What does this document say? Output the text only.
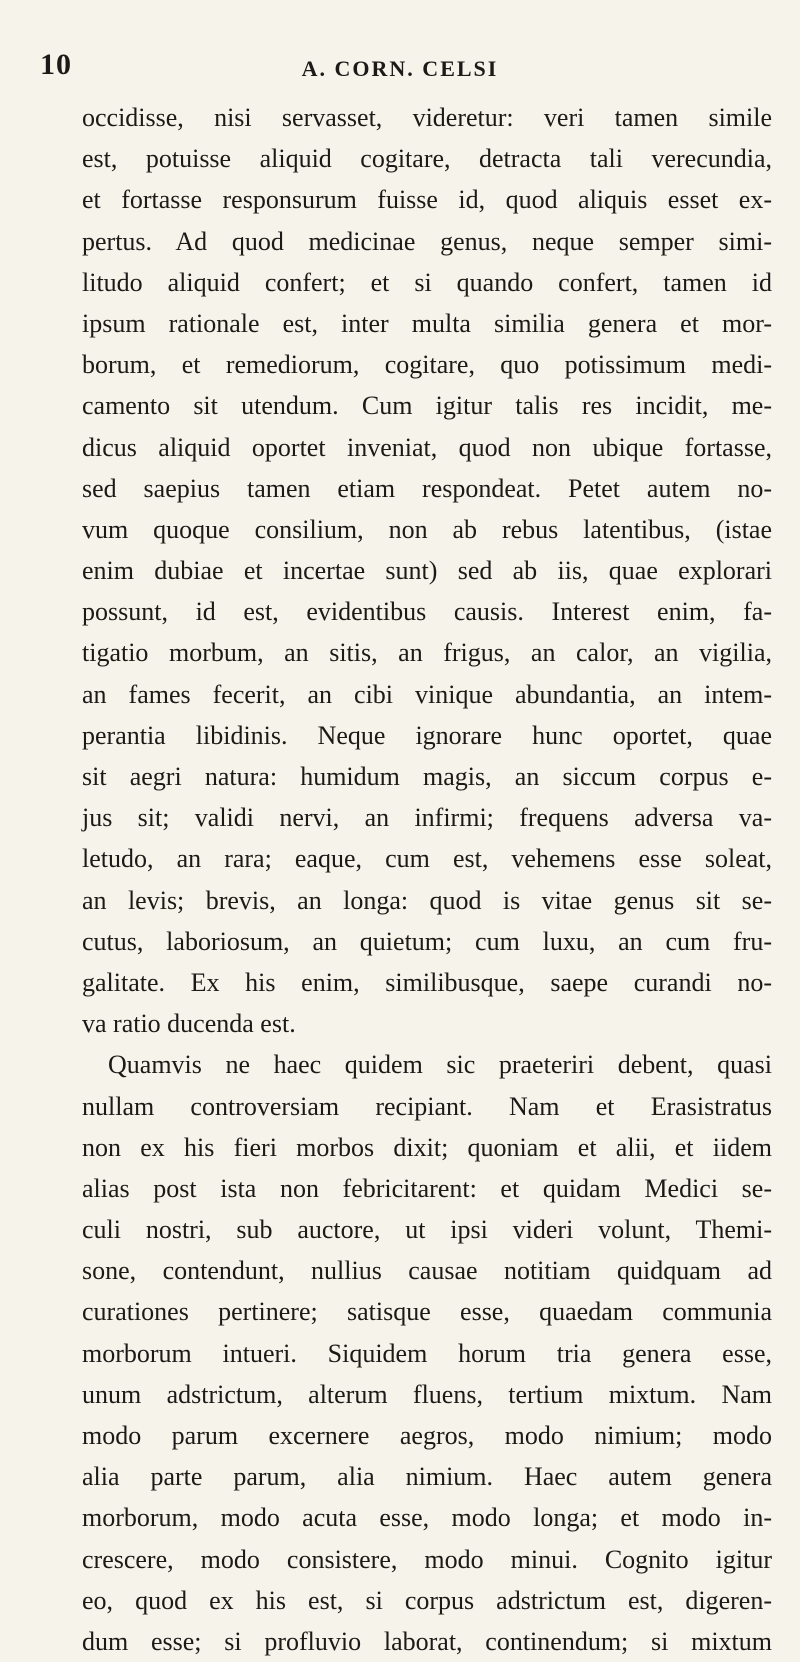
10	A. CORN. CELSI
occidisse, nisi servasset, videretur: veri tamen simile
est, potuisse aliquid cogitare, detracta tali verecundia,
et fortasse responsurum fuisse id, quod aliquis esset ex-
pertus. Ad quod medicinae genus, neque semper simi-
litudo aliquid confert; et si quando confert, tamen id
ipsum rationale est, inter multa similia genera et mor-
borum, et remediorum, cogitare, quo potissimum medi-
camento sit utendum. Cum igitur talis res incidit, me-
dicus aliquid oportet inveniat, quod non ubique fortasse,
sed saepius tamen etiam respondeat. Petet autem no-
vum quoque consilium, non ab rebus latentibus, (istae
enim dubiae et incertae sunt) sed ab iis, quae explorari
possunt, id est, evidentibus causis. Interest enim, fa-
tigatio morbum, an sitis, an frigus, an calor, an vigilia,
an fames fecerit, an cibi vinique abundantia, an intem-
perantia libidinis. Neque ignorare hunc oportet, quae
sit aegri natura: humidum magis, an siccum corpus e-
jus sit; validi nervi, an infirmi; frequens adversa va-
letudo, an rara; eaque, cum est, vehemens esse soleat,
an levis; brevis, an longa: quod is vitae genus sit se-
cutus, laboriosum, an quietum; cum luxu, an cum fru-
galitate. Ex his enim, similibusque, saepe curandi no-
va ratio ducenda est.
Quamvis ne haec quidem sic praeteriri debent, quasi
nullam controversiam recipiant. Nam et Erasistratus
non ex his fieri morbos dixit; quoniam et alii, et iidem
alias post ista non febricitarent: et quidam Medici se-
culi nostri, sub auctore, ut ipsi videri volunt, Themi-
sone, contendunt, nullius causae notitiam quidquam ad
curationes pertinere; satisque esse, quaedam communia
morborum intueri. Siquidem horum tria genera esse,
unum adstrictum, alterum fluens, tertium mixtum. Nam
modo parum excernere aegros, modo nimium; modo
alia parte parum, alia nimium. Haec autem genera
morborum, modo acuta esse, modo longa; et modo in-
crescere, modo consistere, modo minui. Cognito igitur
eo, quod ex his est, si corpus adstrictum est, digeren-
dum esse; si profluvio laborat, continendum; si mixtum
